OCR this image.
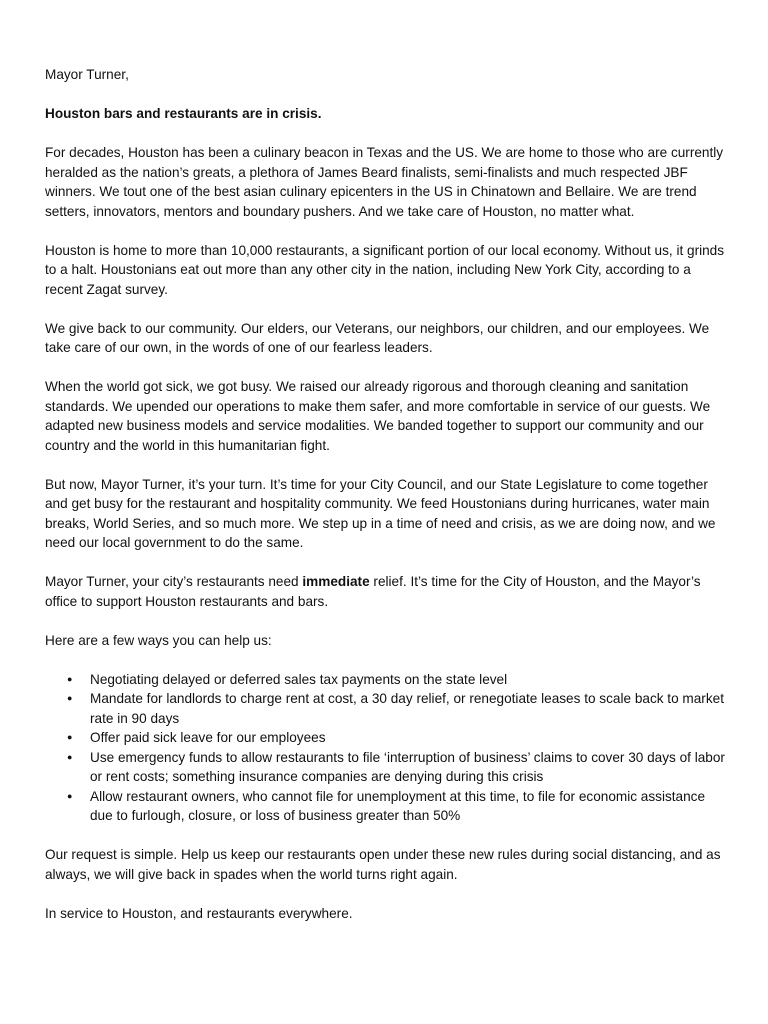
Mayor Turner,

Houston bars and restaurants are in crisis.

For decades, Houston has been a culinary beacon in Texas and the US. We are home to those who are currently heralded as the nation’s greats, a plethora of James Beard finalists, semi-finalists and much respected JBF winners. We tout one of the best asian culinary epicenters in the US in Chinatown and Bellaire. We are trend setters, innovators, mentors and boundary pushers. And we take care of Houston, no matter what.

Houston is home to more than 10,000 restaurants, a significant portion of our local economy. Without us, it grinds to a halt. Houstonians eat out more than any other city in the nation, including New York City, according to a recent Zagat survey.

We give back to our community. Our elders, our Veterans, our neighbors, our children, and our employees. We take care of our own, in the words of one of our fearless leaders.

When the world got sick, we got busy. We raised our already rigorous and thorough cleaning and sanitation standards. We upended our operations to make them safer, and more comfortable in service of our guests. We adapted new business models and service modalities. We banded together to support our community and our country and the world in this humanitarian fight.

But now, Mayor Turner, it’s your turn. It’s time for your City Council, and our State Legislature to come together and get busy for the restaurant and hospitality community. We feed Houstonians during hurricanes, water main breaks, World Series, and so much more. We step up in a time of need and crisis, as we are doing now, and we need our local government to do the same.

Mayor Turner, your city’s restaurants need immediate relief. It’s time for the City of Houston, and the Mayor’s office to support Houston restaurants and bars.

Here are a few ways you can help us:

● Negotiating delayed or deferred sales tax payments on the state level
● Mandate for landlords to charge rent at cost, a 30 day relief, or renegotiate leases to scale back to market rate in 90 days
● Offer paid sick leave for our employees
● Use emergency funds to allow restaurants to file ‘interruption of business’ claims to cover 30 days of labor or rent costs; something insurance companies are denying during this crisis
● Allow restaurant owners, who cannot file for unemployment at this time, to file for economic assistance due to furlough, closure, or loss of business greater than 50%

Our request is simple. Help us keep our restaurants open under these new rules during social distancing, and as always, we will give back in spades when the world turns right again.

In service to Houston, and restaurants everywhere.
